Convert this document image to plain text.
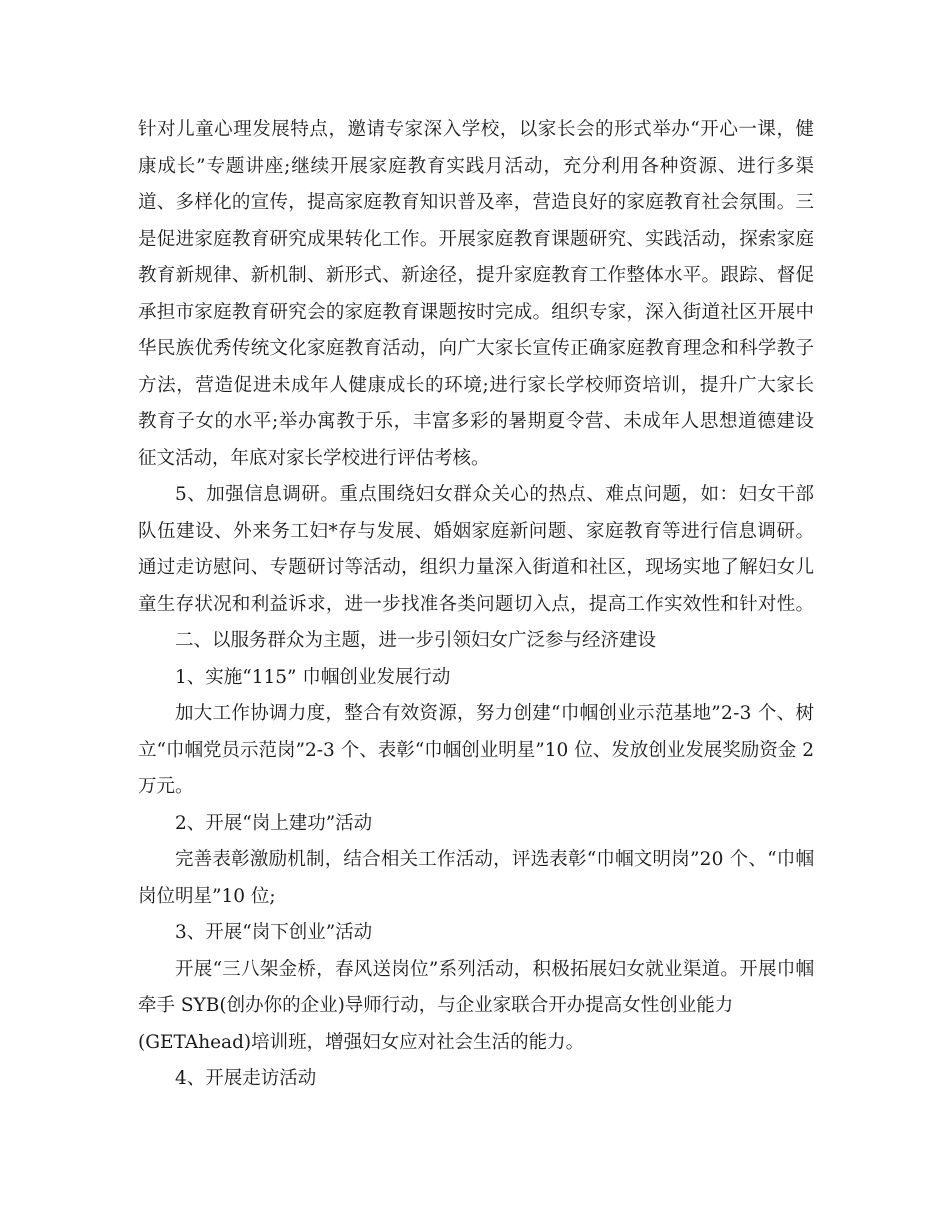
针对儿童心理发展特点，邀请专家深入学校，以家长会的形式举办“开心一课，健
康成长”专题讲座;继续开展家庭教育实践月活动，充分利用各种资源、进行多渠
道、多样化的宣传，提高家庭教育知识普及率，营造良好的家庭教育社会氛围。三
是促进家庭教育研究成果转化工作。开展家庭教育课题研究、实践活动，探索家庭
教育新规律、新机制、新形式、新途径，提升家庭教育工作整体水平。跟踪、督促
承担市家庭教育研究会的家庭教育课题按时完成。组织专家，深入街道社区开展中
华民族优秀传统文化家庭教育活动，向广大家长宣传正确家庭教育理念和科学教子
方法，营造促进未成年人健康成长的环境;进行家长学校师资培训，提升广大家长
教育子女的水平;举办寓教于乐，丰富多彩的暑期夏令营、未成年人思想道德建设
征文活动，年底对家长学校进行评估考核。
5、加强信息调研。重点围绕妇女群众关心的热点、难点问题，如：妇女干部
队伍建设、外来务工妇*存与发展、婚姻家庭新问题、家庭教育等进行信息调研。
通过走访慰问、专题研讨等活动，组织力量深入街道和社区，现场实地了解妇女儿
童生存状况和利益诉求，进一步找准各类问题切入点，提高工作实效性和针对性。
二、以服务群众为主题，进一步引领妇女广泛参与经济建设
1、实施“115” 巾帼创业发展行动
加大工作协调力度，整合有效资源，努力创建“巾帼创业示范基地”2-3 个、树
立“巾帼党员示范岗”2-3 个、表彰“巾帼创业明星”10 位、发放创业发展奖励资金 2
万元。
2、开展“岗上建功”活动
完善表彰激励机制，结合相关工作活动，评选表彰“巾帼文明岗”20 个、“巾帼
岗位明星”10 位;
3、开展“岗下创业”活动
开展“三八架金桥，春风送岗位”系列活动，积极拓展妇女就业渠道。开展巾帼
牵手 SYB(创办你的企业)导师行动，与企业家联合开办提高女性创业能力
(GETAhead)培训班，增强妇女应对社会生活的能力。
4、开展走访活动
